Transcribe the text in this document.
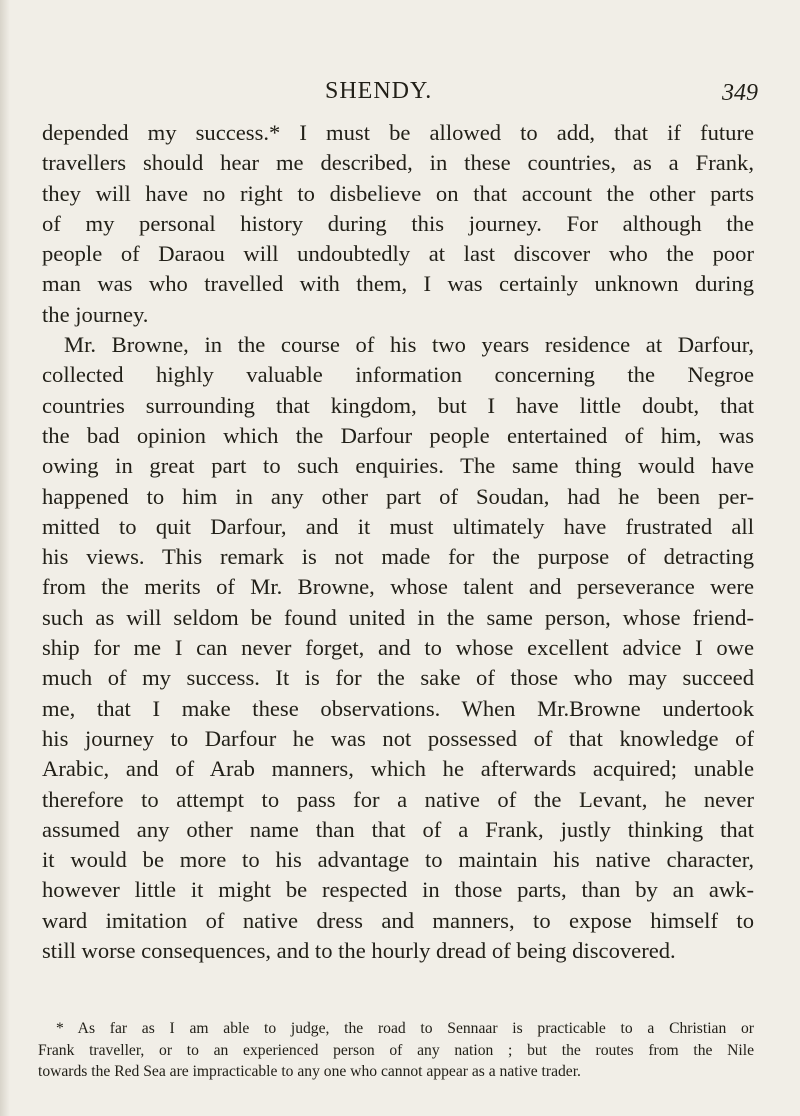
SHENDY.	349
depended my success.* I must be allowed to add, that if future
travellers should hear me described, in these countries, as a Frank,
they will have no right to disbelieve on that account the other parts
of my personal history during this journey. For although the
people of Daraou will undoubtedly at last discover who the poor
man was who travelled with them, I was certainly unknown during
the journey.
Mr. Browne, in the course of his two years residence at Darfour,
collected highly valuable information concerning the Negroe
countries surrounding that kingdom, but I have little doubt, that
the bad opinion which the Darfour people entertained of him, was
owing in great part to such enquiries. The same thing would have
happened to him in any other part of Soudan, had he been per-
mitted to quit Darfour, and it must ultimately have frustrated all
his views. This remark is not made for the purpose of detracting
from the merits of Mr. Browne, whose talent and perseverance were
such as will seldom be found united in the same person, whose friend-
ship for me I can never forget, and to whose excellent advice I owe
much of my success. It is for the sake of those who may succeed
me, that I make these observations. When Mr.Browne undertook
his journey to Darfour he was not possessed of that knowledge of
Arabic, and of Arab manners, which he afterwards acquired; unable
therefore to attempt to pass for a native of the Levant, he never
assumed any other name than that of a Frank, justly thinking that
it would be more to his advantage to maintain his native character,
however little it might be respected in those parts, than by an awk-
ward imitation of native dress and manners, to expose himself to
still worse consequences, and to the hourly dread of being discovered.
* As far as I am able to judge, the road to Sennaar is practicable to a Christian or
Frank traveller, or to an experienced person of any nation ; but the routes from the Nile
towards the Red Sea are impracticable to any one who cannot appear as a native trader.
